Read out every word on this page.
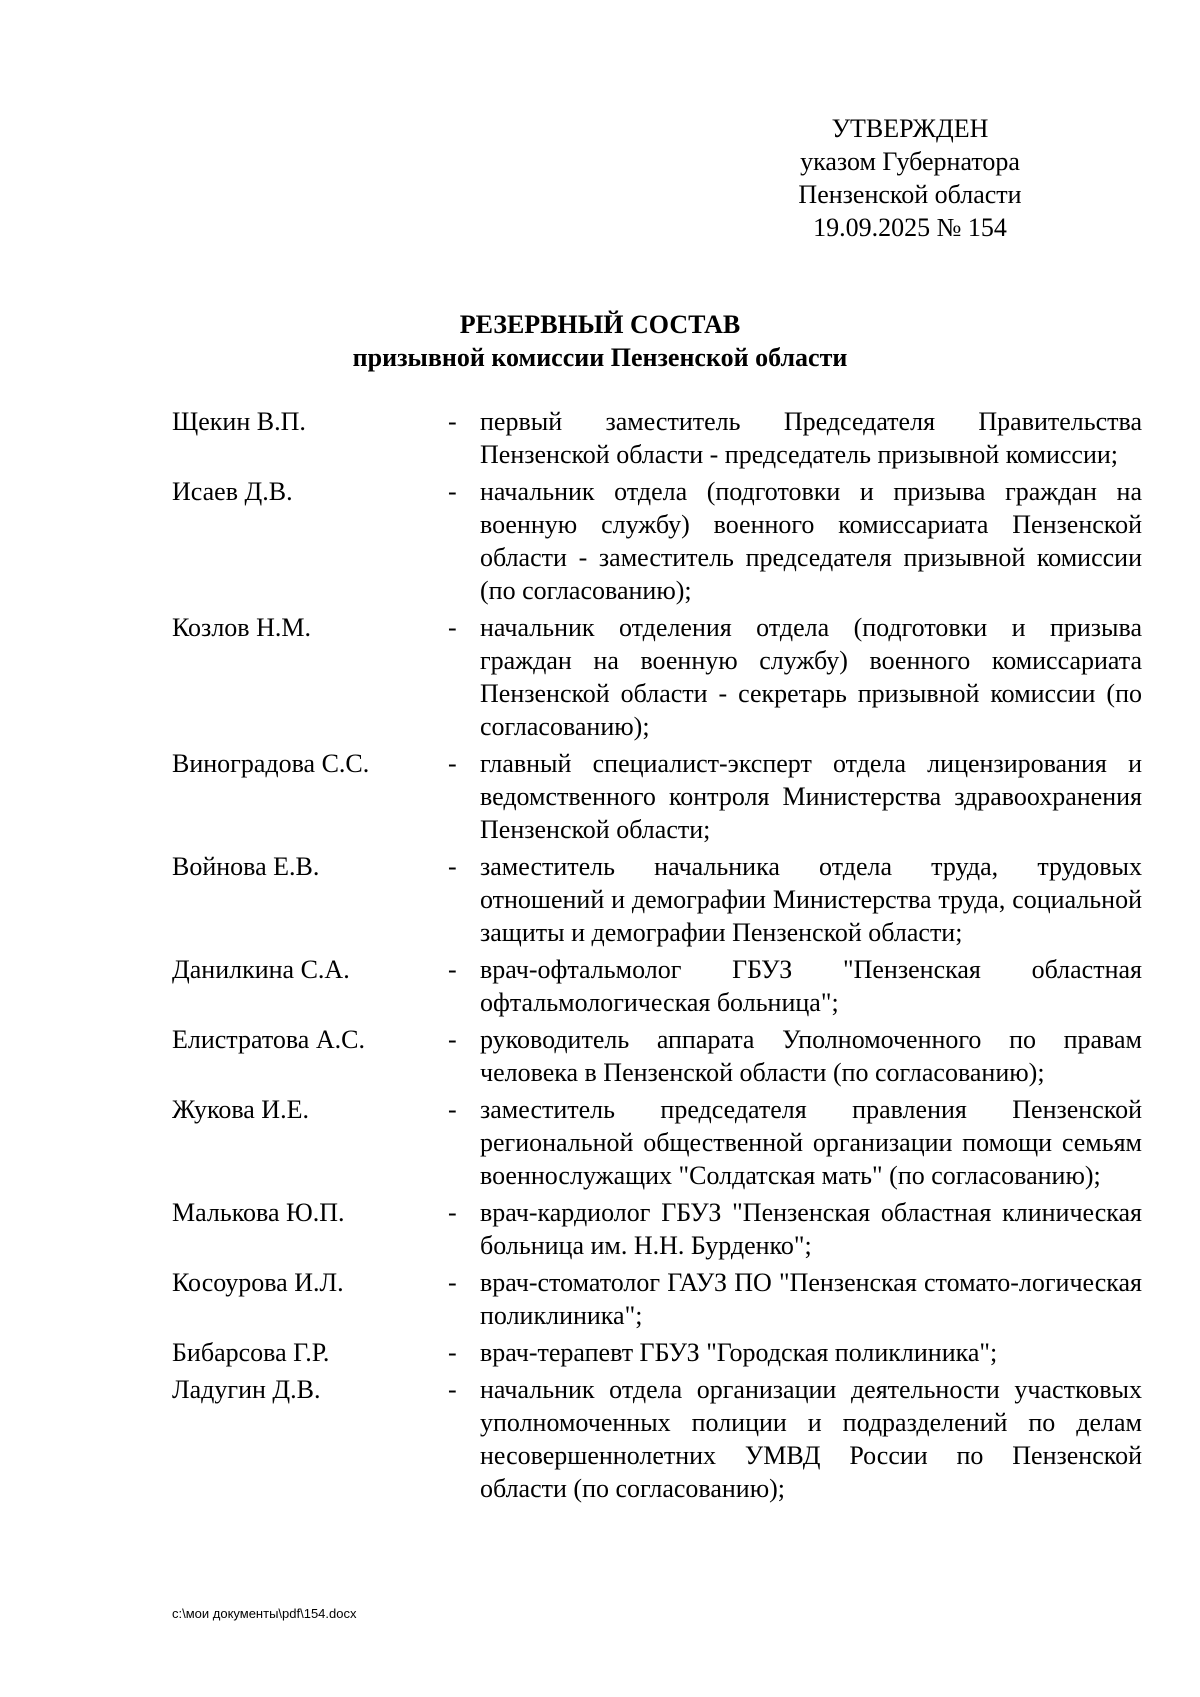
УТВЕРЖДЕН
указом Губернатора
Пензенской области
19.09.2025 № 154
РЕЗЕРВНЫЙ СОСТАВ
призывной комиссии Пензенской области
Щекин В.П.	- первый заместитель Председателя Правительства Пензенской области - председатель призывной комиссии;
Исаев Д.В.	- начальник отдела (подготовки и призыва граждан на военную службу) военного комиссариата Пензенской области - заместитель председателя призывной комиссии (по согласованию);
Козлов Н.М.	- начальник отделения отдела (подготовки и призыва граждан на военную службу) военного комиссариата Пензенской области - секретарь призывной комиссии (по согласованию);
Виноградова С.С.	- главный специалист-эксперт отдела лицензирования и ведомственного контроля Министерства здравоохранения Пензенской области;
Войнова Е.В.	- заместитель начальника отдела труда, трудовых отношений и демографии Министерства труда, социальной защиты и демографии Пензенской области;
Данилкина С.А.	- врач-офтальмолог ГБУЗ "Пензенская областная офтальмологическая больница";
Елистратова А.С.	- руководитель аппарата Уполномоченного по правам человека в Пензенской области (по согласованию);
Жукова И.Е.	- заместитель председателя правления Пензенской региональной общественной организации помощи семьям военнослужащих "Солдатская мать" (по согласованию);
Малькова Ю.П.	- врач-кардиолог ГБУЗ "Пензенская областная клиническая больница им. Н.Н. Бурденко";
Косоурова И.Л.	- врач-стоматолог ГАУЗ ПО "Пензенская стомато-логическая поликлиника";
Бибарсова Г.Р.	- врач-терапевт ГБУЗ "Городская поликлиника";
Ладугин Д.В.	- начальник отдела организации деятельности участковых уполномоченных полиции и подразделений по делам несовершеннолетних УМВД России по Пензенской области (по согласованию);
c:\мои документы\pdf\154.docx
